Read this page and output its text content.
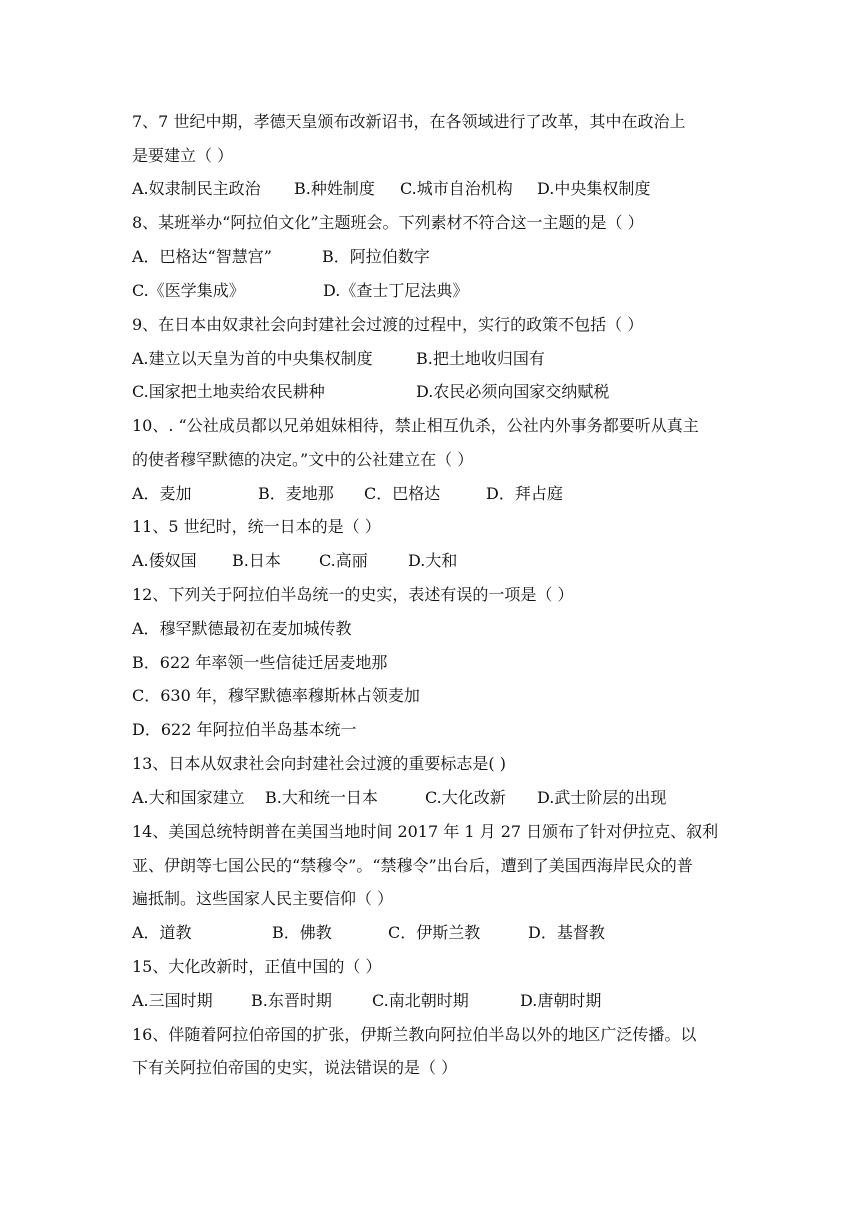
7、7 世纪中期，孝德天皇颁布改新诏书，在各领域进行了改革，其中在政治上
是要建立（ ）
A.奴隶制民主政治 B.种姓制度 C.城市自治机构 D.中央集权制度
8、某班举办“阿拉伯文化”主题班会。下列素材不符合这一主题的是（ ）
A．巴格达“智慧宫”	B．阿拉伯数字
C.《医学集成》	D.《查士丁尼法典》
9、在日本由奴隶社会向封建社会过渡的过程中，实行的政策不包括（ ）
A.建立以天皇为首的中央集权制度	B.把土地收归国有
C.国家把土地卖给农民耕种	D.农民必须向国家交纳赋税
10、. “公社成员都以兄弟姐妹相待，禁止相互仇杀，公社内外事务都要听从真主
的使者穆罕默德的决定。”文中的公社建立在（ ）
A．麦加	B．麦地那 C．巴格达	D．拜占庭
11、5 世纪时，统一日本的是（ ）
A.倭奴国 B.日本 C.高丽	D.大和
12、下列关于阿拉伯半岛统一的史实，表述有误的一项是（ ）
A．穆罕默德最初在麦加城传教
B．622 年率领一些信徒迁居麦地那
C．630 年，穆罕默德率穆斯林占领麦加
D．622 年阿拉伯半岛基本统一
13、日本从奴隶社会向封建社会过渡的重要标志是( )
A.大和国家建立 B.大和统一日本	C.大化改新 D.武士阶层的出现
14、美国总统特朗普在美国当地时间 2017 年 1 月 27 日颁布了针对伊拉克、叙利
亚、伊朗等七国公民的“禁穆令”。“禁穆令”出台后，遭到了美国西海岸民众的普
遍抵制。这些国家人民主要信仰（ ）
A．道教	B．佛教	C．伊斯兰教	D．基督教
15、大化改新时，正值中国的（ ）
A.三国时期 B.东晋时期	C.南北朝时期	D.唐朝时期
16、伴随着阿拉伯帝国的扩张，伊斯兰教向阿拉伯半岛以外的地区广泛传播。以
下有关阿拉伯帝国的史实，说法错误的是（ ）
